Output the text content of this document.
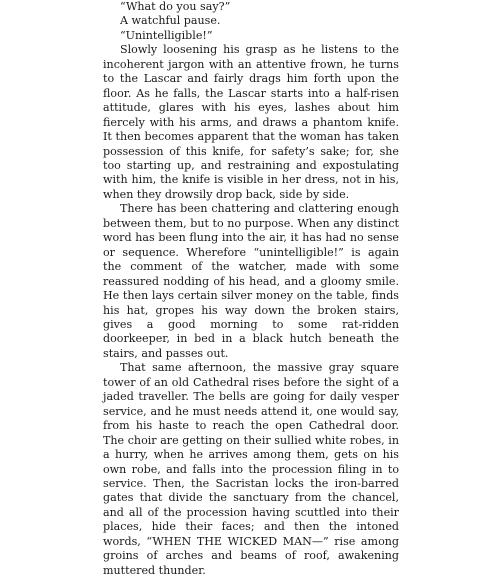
“What do you say?”

A watchful pause.

“Unintelligible!”

Slowly loosening his grasp as he listens to the incoherent jargon with an attentive frown, he turns to the Lascar and fairly drags him forth upon the floor. As he falls, the Lascar starts into a half-risen attitude, glares with his eyes, lashes about him fiercely with his arms, and draws a phantom knife. It then becomes apparent that the woman has taken possession of this knife, for safety’s sake; for, she too starting up, and restraining and expostulating with him, the knife is visible in her dress, not in his, when they drowsily drop back, side by side.

There has been chattering and clattering enough between them, but to no purpose. When any distinct word has been flung into the air, it has had no sense or sequence. Wherefore “unintelligible!” is again the comment of the watcher, made with some reassured nodding of his head, and a gloomy smile. He then lays certain silver money on the table, finds his hat, gropes his way down the broken stairs, gives a good morning to some rat-ridden doorkeeper, in bed in a black hutch beneath the stairs, and passes out.

That same afternoon, the massive gray square tower of an old Cathedral rises before the sight of a jaded traveller. The bells are going for daily vesper service, and he must needs attend it, one would say, from his haste to reach the open Cathedral door. The choir are getting on their sullied white robes, in a hurry, when he arrives among them, gets on his own robe, and falls into the procession filing in to service. Then, the Sacristan locks the iron-barred gates that divide the sanctuary from the chancel, and all of the procession having scuttled into their places, hide their faces; and then the intoned words, “WHEN THE WICKED MAN—” rise among groins of arches and beams of roof, awakening muttered thunder.
